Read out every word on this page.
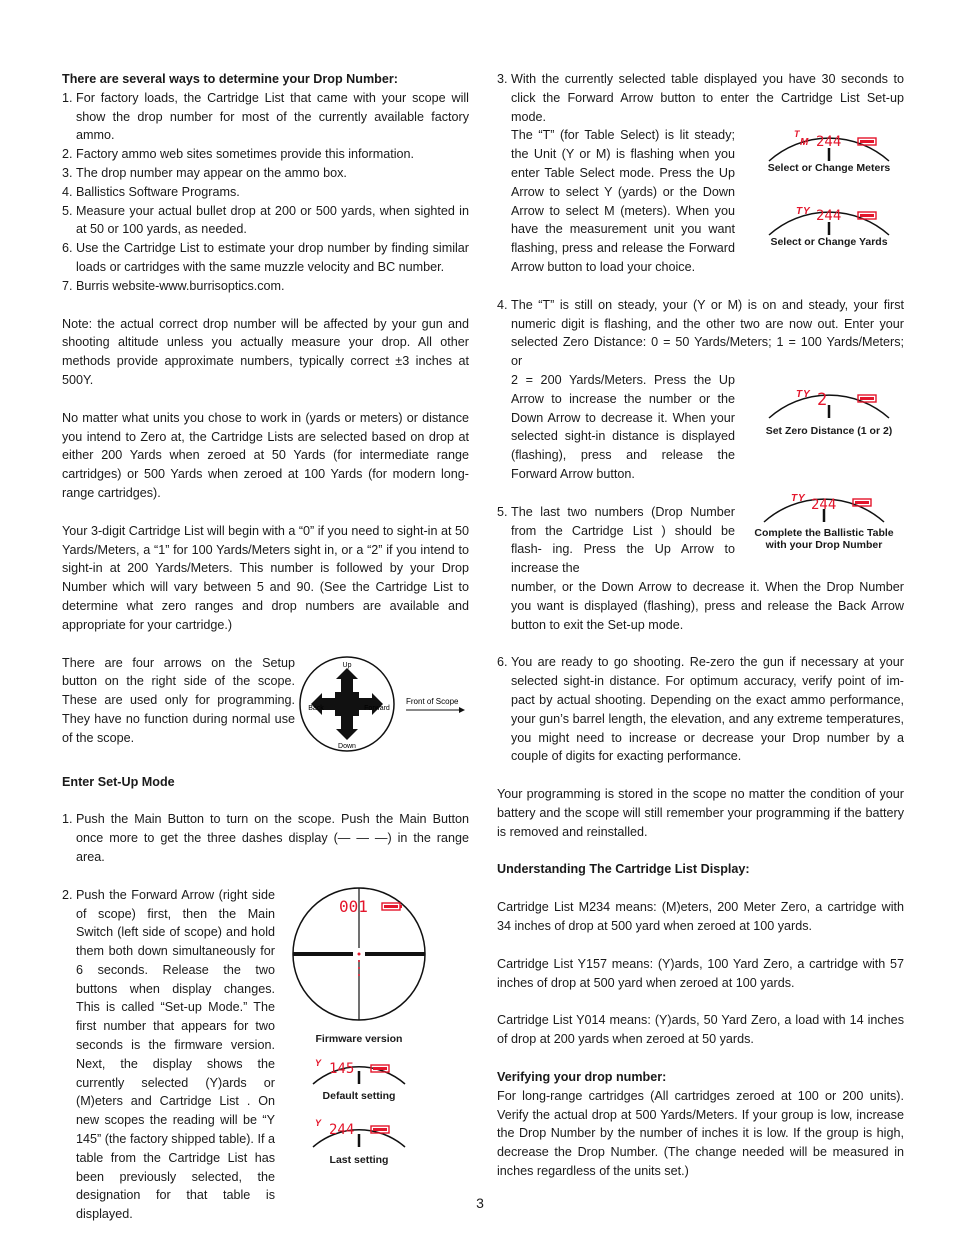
There are several ways to determine your Drop Number:

1. For factory loads, the Cartridge List that came with your scope will show the drop number for most of the currently available factory ammo.
2. Factory ammo web sites sometimes provide this information.
3. The drop number may appear on the ammo box.
4. Ballistics Software Programs.
5. Measure your actual bullet drop at 200 or 500 yards, when sighted in at 50 or 100 yards, as needed.
6. Use the Cartridge List to estimate your drop number by finding similar loads or cartridges with the same muzzle velocity and BC number.
7. Burris website-www.burrisoptics.com.

Note: the actual correct drop number will be affected by your gun and shooting altitude unless you actually measure your drop. All other methods provide approximate numbers, typically correct ±3 inches at 500Y.

No matter what units you chose to work in (yards or meters) or distance you intend to Zero at, the Cartridge Lists are selected based on drop at either 200 Yards when zeroed at 50 Yards (for intermediate range cartridges) or 500 Yards when zeroed at 100 Yards (for modern long- range cartridges).

Your 3-digit Cartridge List will begin with a “0” if you need to sight-in at 50 Yards/Meters, a “1” for 100 Yards/Meters sight in, or a “2” if you intend to sight-in at 200 Yards/Meters. This number is followed by your Drop Number which will vary between 5 and 90. (See the Cartridge List to determine what zero ranges and drop numbers are available and appropriate for your cartridge.)

There are four arrows on the Setup button on the right side of the scope. These are used only for programming. They have no function during normal use of the scope.

Up
Down
Back	Forward
Front of Scope

Enter Set-Up Mode

1. Push the Main Button to turn on the scope. Push the Main Button once more to get the three dashes display (— — —) in the range area.
2. Push the Forward Arrow (right side of scope) first, then the Main Switch (left side of scope) and hold them both down simultaneously for 6 seconds. Release the two buttons when display changes. This is called “Set-up Mode.” The first number that appears for two seconds is the firmware version. Next, the display shows the currently selected (Y)ards or (M)eters and Cartridge List . On new scopes the reading will be “Y 145” (the factory shipped table). If a table from the Cartridge List has been previously selected, the designation for that table is displayed.
001
Firmware version
Y 145
Default setting
Y 244
Last setting
3. With the currently selected table displayed you have 30 seconds to click the Forward Arrow button to enter the Cartridge List Set-up mode.

The “T” (for Table Select) is lit steady; the Unit (Y or M) is flashing when you enter Table Select mode. Press the Up Arrow to select Y (yards) or the Down Arrow to select M (meters). When you have the measurement unit you want flashing, press and release the Forward Arrow button to load your choice.

T
M 244
Select or Change Meters
T Y 244
Select or Change Yards
4. The “T” is still on steady, your (Y or M) is on and steady, your first numeric digit is flashing, and the other two are now out. Enter your selected Zero Distance: 0 = 50 Yards/Meters; 1 = 100 Yards/Meters; or

2 = 200 Yards/Meters. Press the Up Arrow to increase the number or the Down Arrow to decrease it. When your selected sight-in distance is displayed (flashing), press and release the Forward Arrow button.

T Y 2
Set Zero Distance (1 or 2)
5. The last two numbers (Drop Number from the Cartridge List ) should be flash- ing. Press the Up Arrow to increase the
T Y 244
Complete the Ballistic Table with your Drop Number

number, or the Down Arrow to decrease it. When the Drop Number you want is displayed (flashing), press and release the Back Arrow button to exit the Set-up mode.

6. You are ready to go shooting. Re-zero the gun if necessary at your selected sight-in distance. For optimum accuracy, verify point of im- pact by actual shooting. Depending on the exact ammo performance, your gun’s barrel length, the elevation, and any extreme temperatures, you might need to increase or decrease your Drop number by a couple of digits for exacting performance.

Your programming is stored in the scope no matter the condition of your battery and the scope will still remember your programming if the battery is removed and reinstalled.

Understanding The Cartridge List Display:

Cartridge List M234 means: (M)eters, 200 Meter Zero, a cartridge with 34 inches of drop at 500 yard when zeroed at 100 yards.

Cartridge List Y157 means: (Y)ards, 100 Yard Zero, a cartridge with 57 inches of drop at 500 yard when zeroed at 100 yards.

Cartridge List Y014 means: (Y)ards, 50 Yard Zero, a load with 14 inches of drop at 200 yards when zeroed at 50 yards.

Verifying your drop number:

For long-range cartridges (All cartridges zeroed at 100 or 200 units). Verify the actual drop at 500 Yards/Meters. If your group is low, increase the Drop Number by the number of inches it is low. If the group is high, decrease the Drop Number. (The change needed will be measured in inches regardless of the units set.)

3
